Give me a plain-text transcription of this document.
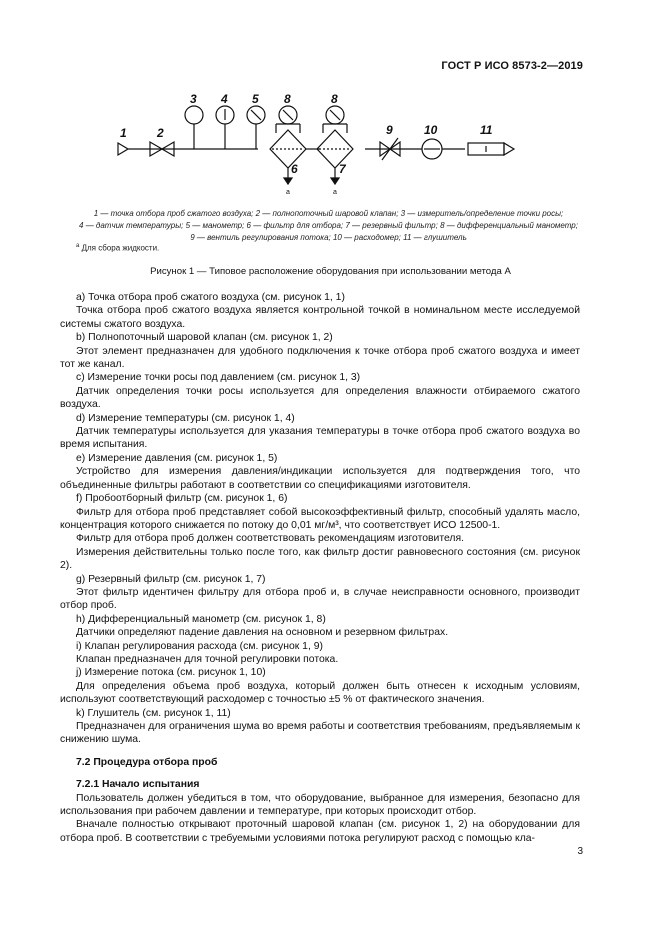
ГОСТ Р ИСО 8573-2—2019
1	2
3 4 5 8
6
8
7
9	10	11
a	a
1 — точка отбора проб сжатого воздуха; 2 — полнопоточный шаровой клапан; 3 — измеритель/определение точки росы;
4 — датчик температуры; 5 — манометр; 6 — фильтр для отбора; 7 — резервный фильтр; 8 — дифференциальный манометр;
9 — вентиль регулирования потока; 10 — расходомер; 11 — глушитель
$^а$ Для сбора жидкости.
Рисунок 1 — Типовое расположение оборудования при использовании метода А

a) Точка отбора проб сжатого воздуха (см. рисунок 1, 1)

Точка отбора проб сжатого воздуха является контрольной точкой в номинальном месте исследуемой системы сжатого воздуха.

b) Полнопоточный шаровой клапан (см. рисунок 1, 2)

Этот элемент предназначен для удобного подключения к точке отбора проб сжатого воздуха и имеет тот же канал.

c) Измерение точки росы под давлением (см. рисунок 1, 3)

Датчик определения точки росы используется для определения влажности отбираемого сжатого воздуха.

d) Измерение температуры (см. рисунок 1, 4)

Датчик температуры используется для указания температуры в точке отбора проб сжатого воздуха во время испытания.

e) Измерение давления (см. рисунок 1, 5)

Устройство для измерения давления/индикации используется для подтверждения того, что объединенные фильтры работают в соответствии со спецификациями изготовителя.

f) Пробоотборный фильтр (см. рисунок 1, 6)

Фильтр для отбора проб представляет собой высокоэффективный фильтр, способный удалять масло, концентрация которого снижается по потоку до 0,01 мг/м³, что соответствует ИСО 12500-1.

Фильтр для отбора проб должен соответствовать рекомендациям изготовителя.

Измерения действительны только после того, как фильтр достиг равновесного состояния (см. рисунок 2).

g) Резервный фильтр (см. рисунок 1, 7)

Этот фильтр идентичен фильтру для отбора проб и, в случае неисправности основного, производит отбор проб.

h) Дифференциальный манометр (см. рисунок 1, 8)

Датчики определяют падение давления на основном и резервном фильтрах.

i) Клапан регулирования расхода (см. рисунок 1, 9)

Клапан предназначен для точной регулировки потока.

j) Измерение потока (см. рисунок 1, 10)

Для определения объема проб воздуха, который должен быть отнесен к исходным условиям, используют соответствующий расходомер с точностью ±5 % от фактического значения.

k) Глушитель (см. рисунок 1, 11)

Предназначен для ограничения шума во время работы и соответствия требованиям, предъявляемым к снижению шума.

7.2 Процедура отбора проб

7.2.1 Начало испытания

Пользователь должен убедиться в том, что оборудование, выбранное для измерения, безопасно для использования при рабочем давлении и температуре, при которых происходит отбор.

Вначале полностью открывают проточный шаровой клапан (см. рисунок 1, 2) на оборудовании для отбора проб. В соответствии с требуемыми условиями потока регулируют расход с помощью кла-

3
